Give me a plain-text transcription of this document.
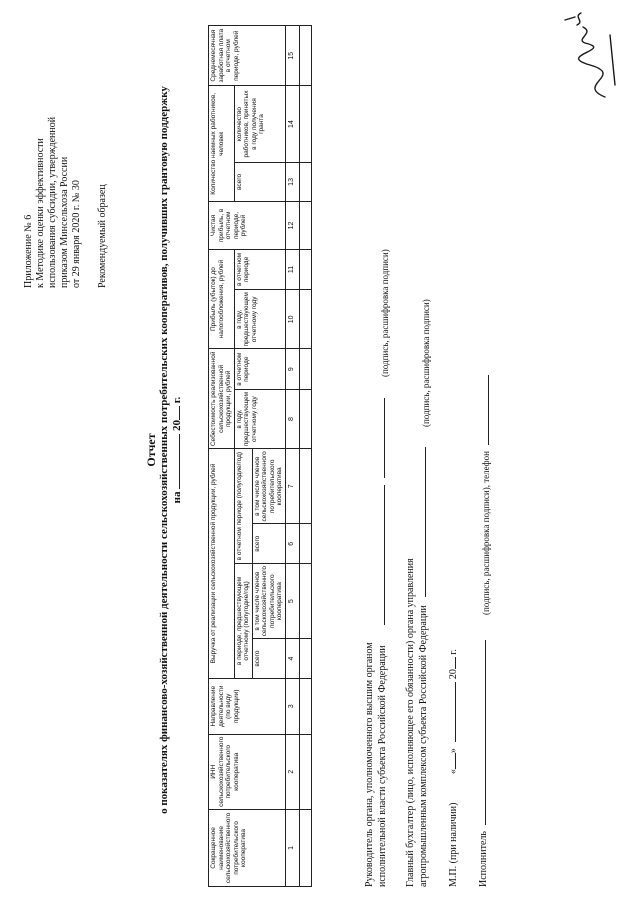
Приложение № 6 к Методике оценки эффективности использования субсидии, утвержденной приказом Минсельхоза России от 29 января 2020 г. № 30 Рекомендуемый образец
Отчет о показателях финансово-хозяйственной деятельности сельскохозяйственных потребительских кооперативов, получивших грантовую поддержку на  20 г.
Сокращенное наименование сельскохозяйственного потребительского кооператива	ИНН сельскохозяйственного потребительского кооператива	Направление деятельности (по виду продукции)	Выручка от реализации сельскохозяйственной продукции, рублей				Себестоимость реализованной сельскохозяйственной продукции, рублей		Прибыль (убыток) до налогообложения, рублей		Чистая прибыль, в отчетном периоде, рублей	Количество наемных работников, человек		Среднемесячная заработная плата в отчетном периоде, рублей
			в периоде, предшествующем отчетному (полугодие/год)		в отчетном периоде (полугодие/год)		в году, предшествующем отчетному году	в отчетном периоде	в году, предшествующем отчетному году	в отчетном периоде		всего	количество работников, принятых в году получения гранта	
			всего	в том числе членов сельскохозяйственного потребительского кооператива	всего	в том числе членов сельскохозяйственного потребительского кооператива								
1	2	3	4	5	6	7	8	9	10	11	12	13	14	15

Руководитель органа, уполномоченного высшим органом исполнительной власти субъекта Российской Федерации
(подпись, расшифровка подписи)
Главный бухгалтер (лицо, исполняющее его обязанности) органа управления агропромышленным комплексом субъекта Российской Федерации
(подпись, расшифровка подписи)
М.П. (при наличии) «»  20 г.
Исполнитель
(подпись, расшифровка подписи), телефон
